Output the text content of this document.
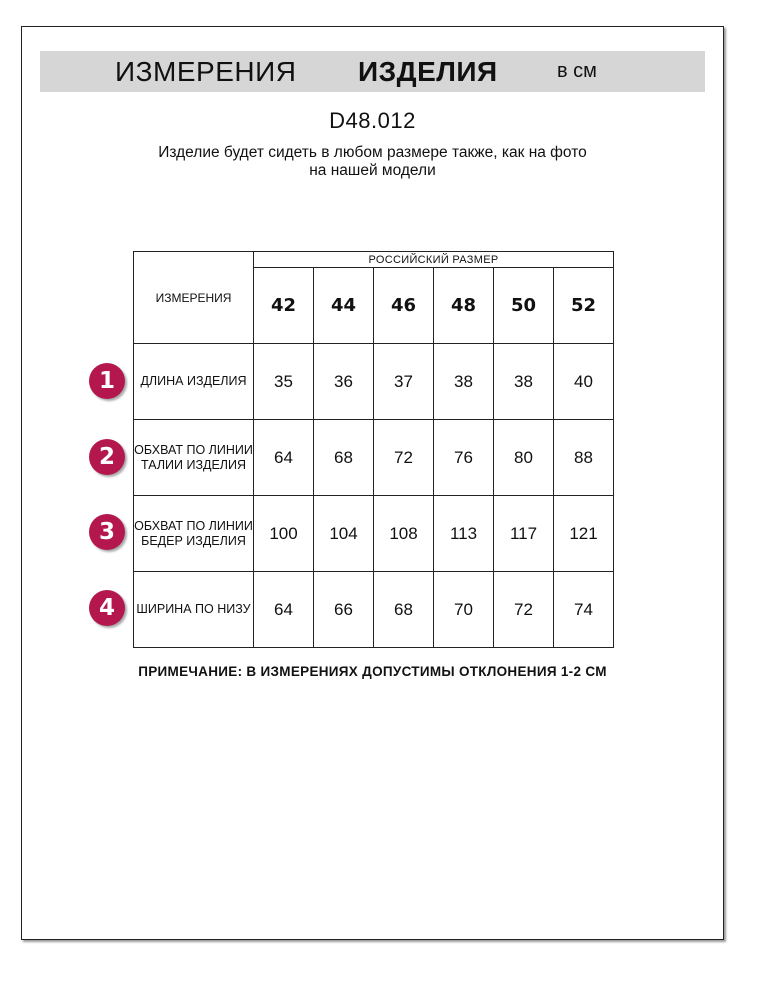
ИЗМЕРЕНИЯ ИЗДЕЛИЯ	в см
D48.012
Изделие будет сидеть в любом размере также, как на фото
на нашей модели
ИЗМЕРЕНИЯ	РОССИЙСКИЙ РАЗМЕР					
	42	44	46	48	50	52
ДЛИНА ИЗДЕЛИЯ	35	36	37	38	38	40
ОБХВАТ ПО ЛИНИИ ТАЛИИ ИЗДЕЛИЯ	64	68	72	76	80	88
ОБХВАТ ПО ЛИНИИ БЕДЕР ИЗДЕЛИЯ	100	104	108	113	117	121
ШИРИНА ПО НИЗУ	64	66	68	70	72	74
1
2
3
4
ПРИМЕЧАНИЕ: В ИЗМЕРЕНИЯХ ДОПУСТИМЫ ОТКЛОНЕНИЯ 1-2 СМ
